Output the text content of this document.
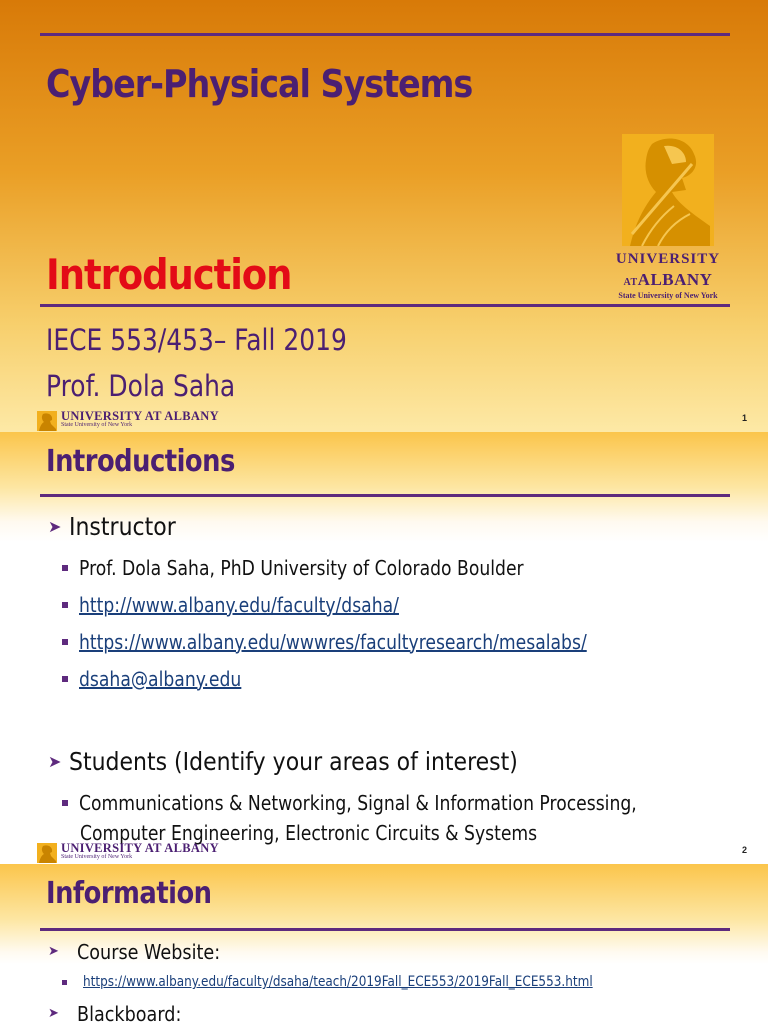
Cyber-Physical Systems
UNIVERSITY
ATALBANY
State University of New York
Introduction
IECE 553/453– Fall 2019
Prof. Dola Saha
UNIVERSITY AT ALBANY
State University of New York
1
Introductions
➤ Instructor
Prof. Dola Saha, PhD University of Colorado Boulder
http://www.albany.edu/faculty/dsaha/
https://www.albany.edu/wwwres/facultyresearch/mesalabs/
dsaha@albany.edu
➤ Students (Identify your areas of interest)
Communications & Networking, Signal & Information Processing,
Computer Engineering, Electronic Circuits & Systems
UNIVERSITY AT ALBANY
State University of New York
2
Information
➤ Course Website:
https://www.albany.edu/faculty/dsaha/teach/2019Fall_ECE553/2019Fall_ECE553.html
➤ Blackboard:
